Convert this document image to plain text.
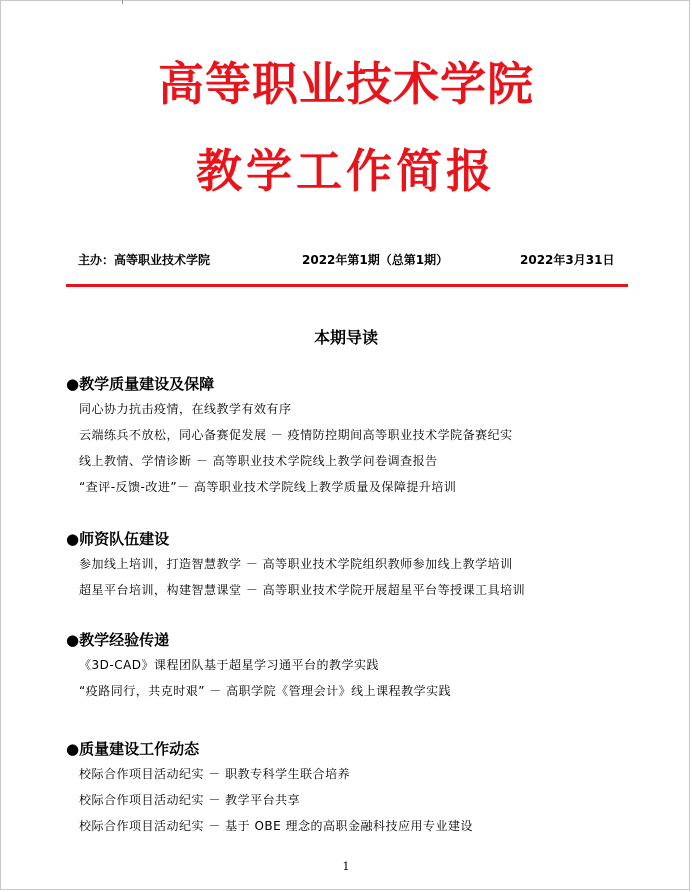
高等职业技术学院
教学工作简报
主办：高等职业技术学院	2022年第1期（总第1期）	2022年3月31日
本期导读
●教学质量建设及保障
同心协力抗击疫情，在线教学有效有序
云端练兵不放松，同心备赛促发展 － 疫情防控期间高等职业技术学院备赛纪实
线上教情、学情诊断 － 高等职业技术学院线上教学问卷调查报告
“查评-反馈-改进”－ 高等职业技术学院线上教学质量及保障提升培训
●师资队伍建设
参加线上培训，打造智慧教学 － 高等职业技术学院组织教师参加线上教学培训
超星平台培训，构建智慧课堂 － 高等职业技术学院开展超星平台等授课工具培训
●教学经验传递
《3D-CAD》课程团队基于超星学习通平台的教学实践
“疫路同行，共克时艰” － 高职学院《管理会计》线上课程教学实践
●质量建设工作动态
校际合作项目活动纪实 － 职教专科学生联合培养
校际合作项目活动纪实 － 教学平台共享
校际合作项目活动纪实 － 基于 OBE 理念的高职金融科技应用专业建设
1
